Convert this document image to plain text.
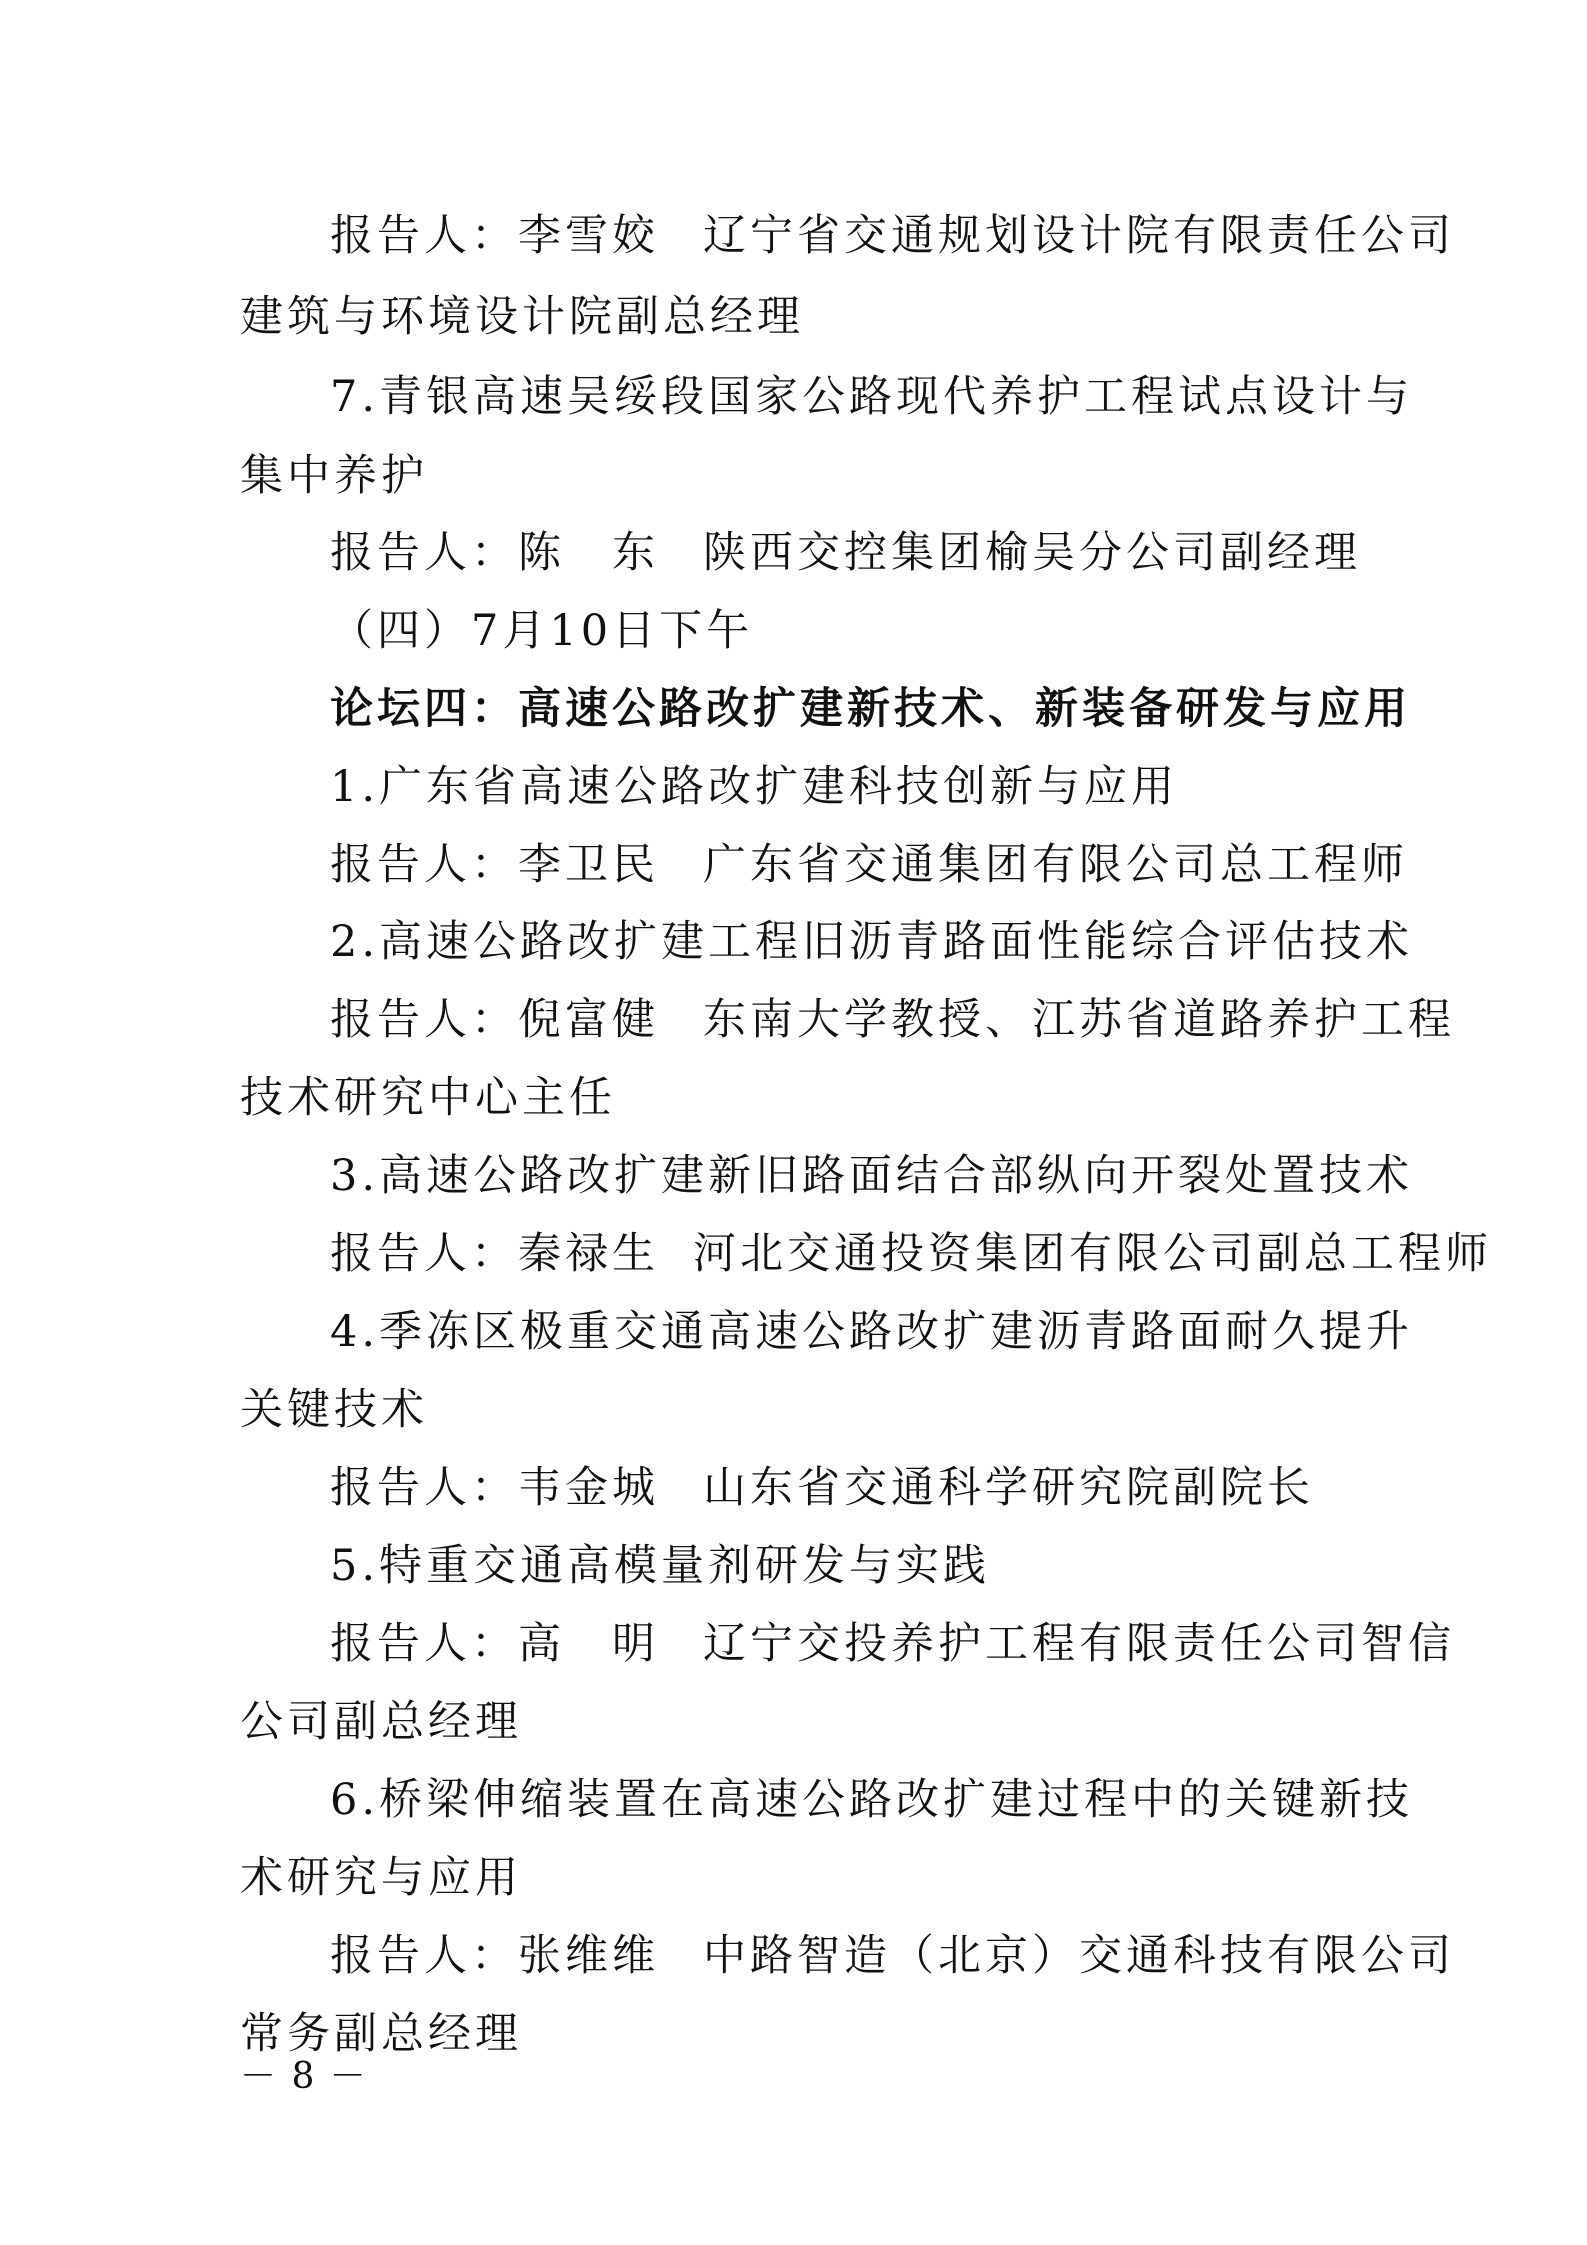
报告人：李雪姣 辽宁省交通规划设计院有限责任公司
建筑与环境设计院副总经理
7.青银高速吴绥段国家公路现代养护工程试点设计与
集中养护
报告人：陈　东 陕西交控集团榆吴分公司副经理
（四）7月10日下午
论坛四：高速公路改扩建新技术、新装备研发与应用
1.广东省高速公路改扩建科技创新与应用
报告人：李卫民 广东省交通集团有限公司总工程师
2.高速公路改扩建工程旧沥青路面性能综合评估技术
报告人：倪富健 东南大学教授、江苏省道路养护工程
技术研究中心主任
3.高速公路改扩建新旧路面结合部纵向开裂处置技术
报告人：秦禄生 河北交通投资集团有限公司副总工程师
4.季冻区极重交通高速公路改扩建沥青路面耐久提升
关键技术
报告人：韦金城 山东省交通科学研究院副院长
5.特重交通高模量剂研发与实践
报告人：高　明 辽宁交投养护工程有限责任公司智信
公司副总经理
6.桥梁伸缩装置在高速公路改扩建过程中的关键新技
术研究与应用
报告人：张维维 中路智造（北京）交通科技有限公司
常务副总经理
－ 8 －
